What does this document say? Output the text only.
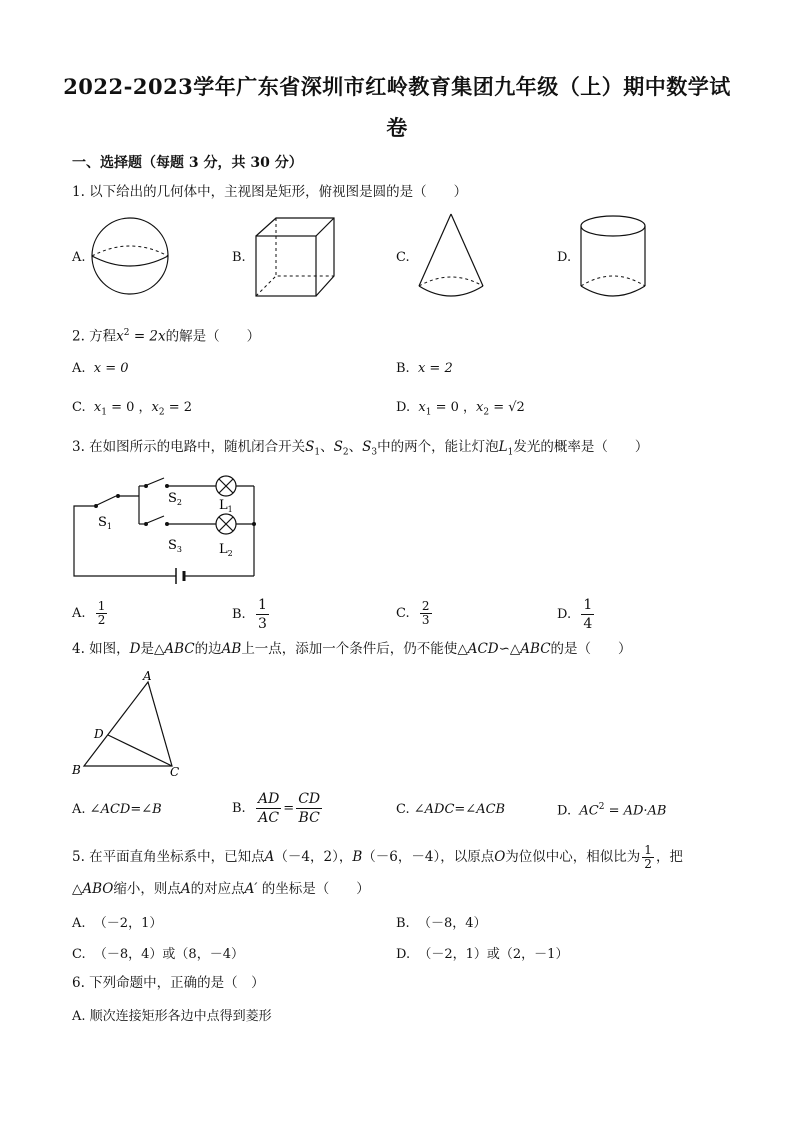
2022-2023学年广东省深圳市红岭教育集团九年级（上）期中数学试
卷
一、选择题（每题 3 分，共 30 分）
1. 以下给出的几何体中，主视图是矩形，俯视图是圆的是（　　）
A.	B.	C.	D.
2. 方程$x^2 = 2x$的解是（　　）
A. x = 0	B. x = 2
C. $x_1 = 0$ ，$x_2 = 2$	D. $x_1 = 0$ ，$x_2 = √2$
3. 在如图所示的电路中，随机闭合开关$S_1$、$S_2$、$S_3$中的两个，能让灯泡$L_1$发光的概率是（　　）
$S_1$
$S_2$
$S_3$
$L_1$
$L_2$
A. $\frac{1}{2}$	B. $\frac{1}{3}$	C. $\frac{2}{3}$	D. $\frac{1}{4}$
4. 如图，D是△ABC的边AB上一点，添加一个条件后，仍不能使△ACD∽△ABC的是（　　）
A
B	C
D
A. ∠ACD=∠B	B. $\frac{AD}{AC} = \frac{CD}{BC}$	C. ∠ADC=∠ACB	D. $AC^2 = AD\cdot AB$
5. 在平面直角坐标系中，已知点A（－4，2），B（－6，－4），以原点O为位似中心，相似比为 $\frac{1}{2}$ ，把
△ABO缩小，则点A的对应点A′ 的坐标是（　　）
A. （－2，1）	B. （－8，4）
C. （－8，4）或（8，－4）	D. （－2，1）或（2，－1）
6. 下列命题中，正确的是（　）
A. 顺次连接矩形各边中点得到菱形
